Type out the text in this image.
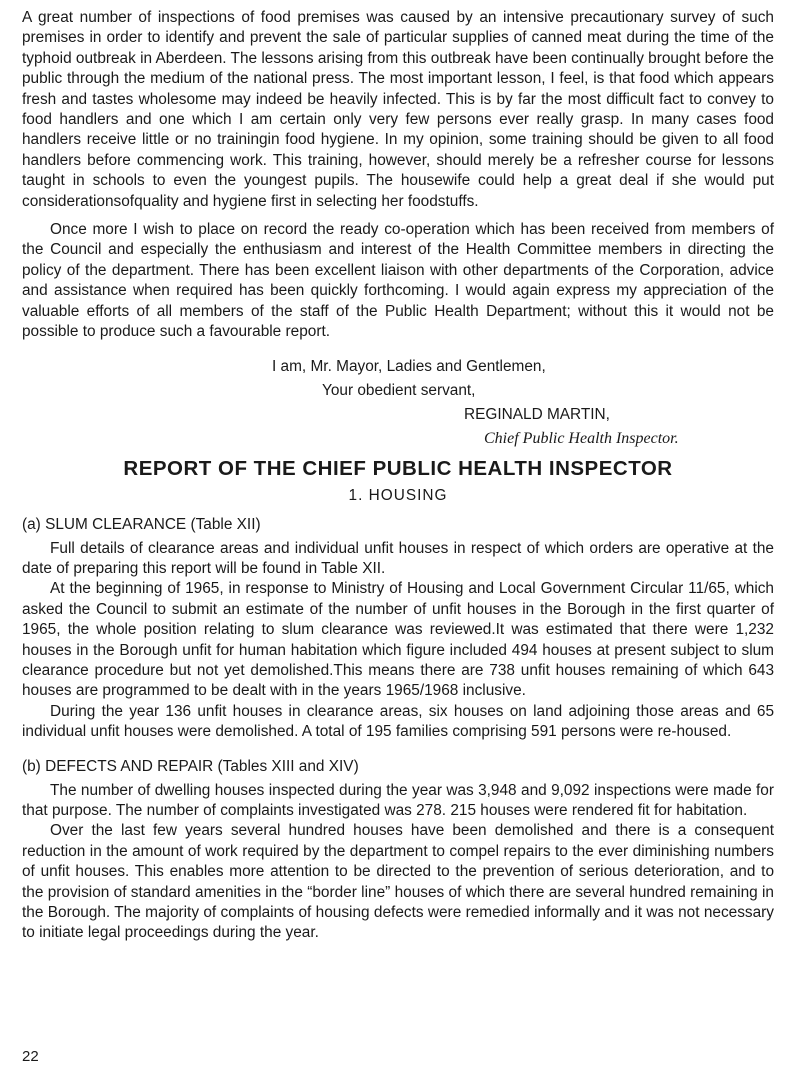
A great number of inspections of food premises was caused by an intensive precautionary survey of such premises in order to identify and prevent the sale of particular supplies of canned meat during the time of the typhoid outbreak in Aberdeen. The lessons arising from this outbreak have been continually brought before the public through the medium of the national press. The most important lesson, I feel, is that food which appears fresh and tastes wholesome may indeed be heavily infected. This is by far the most difficult fact to convey to food handlers and one which I am certain only very few persons ever really grasp. In many cases food handlers receive little or no trainingin food hygiene. In my opinion, some training should be given to all food handlers before commencing work. This training, however, should merely be a refresher course for lessons taught in schools to even the youngest pupils. The housewife could help a great deal if she would put considerationsofquality and hygiene first in selecting her foodstuffs.

Once more I wish to place on record the ready co-operation which has been received from members of the Council and especially the enthusiasm and interest of the Health Committee members in directing the policy of the department. There has been excellent liaison with other departments of the Corporation, advice and assistance when required has been quickly forthcoming. I would again express my appreciation of the valuable efforts of all members of the staff of the Public Health Department; without this it would not be possible to produce such a favourable report.

I am, Mr. Mayor, Ladies and Gentlemen,
Your obedient servant,
REGINALD MARTIN,
Chief Public Health Inspector.
REPORT OF THE CHIEF PUBLIC HEALTH INSPECTOR
1. HOUSING
(a) SLUM CLEARANCE (Table XII)

Full details of clearance areas and individual unfit houses in respect of which orders are operative at the date of preparing this report will be found in Table XII.

At the beginning of 1965, in response to Ministry of Housing and Local Government Circular 11/65, which asked the Council to submit an estimate of the number of unfit houses in the Borough in the first quarter of 1965, the whole position relating to slum clearance was reviewed.It was estimated that there were 1,232 houses in the Borough unfit for human habitation which figure included 494 houses at present subject to slum clearance procedure but not yet demolished.This means there are 738 unfit houses remaining of which 643 houses are programmed to be dealt with in the years 1965/1968 inclusive.

During the year 136 unfit houses in clearance areas, six houses on land adjoining those areas and 65 individual unfit houses were demolished. A total of 195 families comprising 591 persons were re-housed.

(b) DEFECTS AND REPAIR (Tables XIII and XIV)

The number of dwelling houses inspected during the year was 3,948 and 9,092 inspections were made for that purpose. The number of complaints investigated was 278. 215 houses were rendered fit for habitation.

Over the last few years several hundred houses have been demolished and there is a consequent reduction in the amount of work required by the department to compel repairs to the ever diminishing numbers of unfit houses. This enables more attention to be directed to the prevention of serious deterioration, and to the provision of standard amenities in the “border line” houses of which there are several hundred remaining in the Borough. The majority of complaints of housing defects were remedied informally and it was not necessary to initiate legal proceedings during the year.

22
